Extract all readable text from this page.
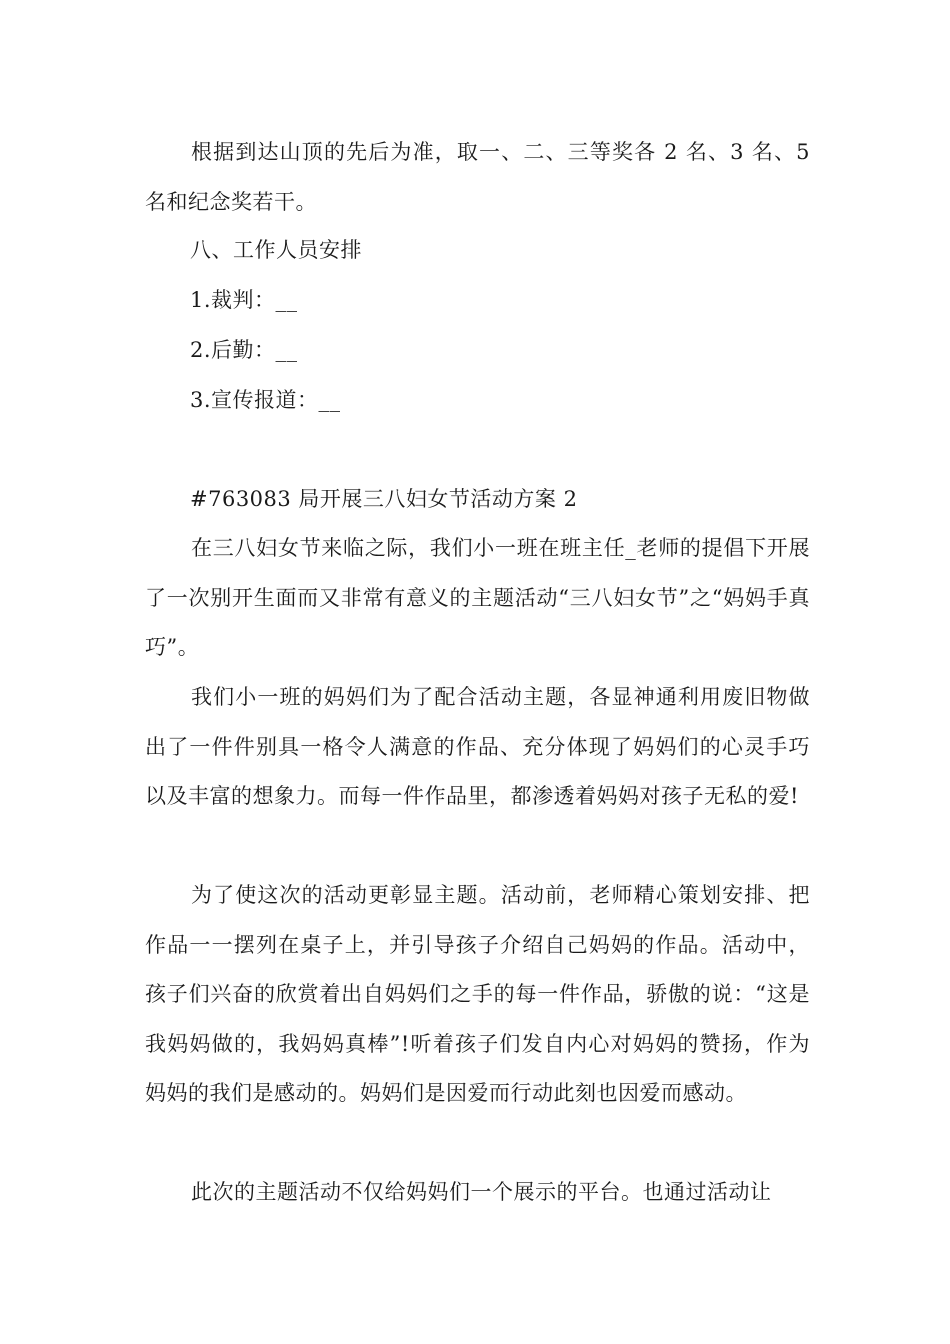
根据到达山顶的先后为准，取一、二、三等奖各 2 名、3 名、5 名和纪念奖若干。

八、工作人员安排

1.裁判：__

2.后勤：__

3.宣传报道：__

#763083 局开展三八妇女节活动方案 2

在三八妇女节来临之际，我们小一班在班主任_老师的提倡下开展了一次别开生面而又非常有意义的主题活动“三八妇女节”之“妈妈手真巧”。

我们小一班的妈妈们为了配合活动主题，各显神通利用废旧物做出了一件件别具一格令人满意的作品、充分体现了妈妈们的心灵手巧以及丰富的想象力。而每一件作品里，都渗透着妈妈对孩子无私的爱!

为了使这次的活动更彰显主题。活动前，老师精心策划安排、把作品一一摆列在桌子上，并引导孩子介绍自己妈妈的作品。活动中，孩子们兴奋的欣赏着出自妈妈们之手的每一件作品，骄傲的说：“这是我妈妈做的，我妈妈真棒”!听着孩子们发自内心对妈妈的赞扬，作为妈妈的我们是感动的。妈妈们是因爱而行动此刻也因爱而感动。

此次的主题活动不仅给妈妈们一个展示的平台。也通过活动让
